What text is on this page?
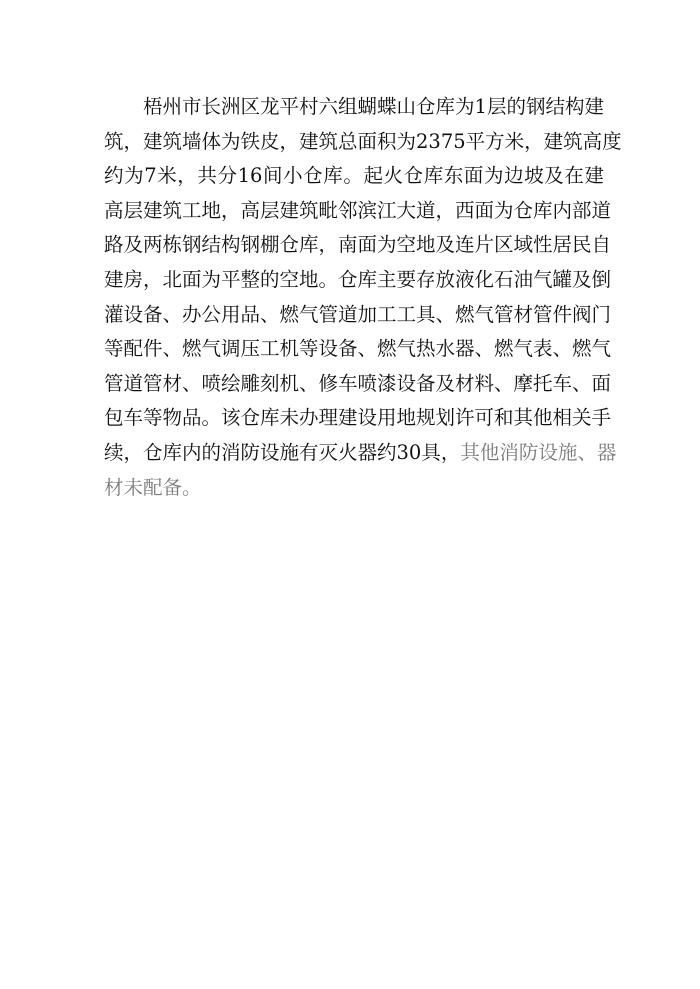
梧州市长洲区龙平村六组蝴蝶山仓库为1层的钢结构建
筑，建筑墙体为铁皮，建筑总面积为2375平方米，建筑高度
约为7米，共分16间小仓库。起火仓库东面为边坡及在建
高层建筑工地，高层建筑毗邻滨江大道，西面为仓库内部道
路及两栋钢结构钢棚仓库，南面为空地及连片区域性居民自
建房，北面为平整的空地。仓库主要存放液化石油气罐及倒
灌设备、办公用品、燃气管道加工工具、燃气管材管件阀门
等配件、燃气调压工机等设备、燃气热水器、燃气表、燃气
管道管材、喷绘雕刻机、修车喷漆设备及材料、摩托车、面
包车等物品。该仓库未办理建设用地规划许可和其他相关手
续，仓库内的消防设施有灭火器约30具，其他消防设施、器
材未配备。
